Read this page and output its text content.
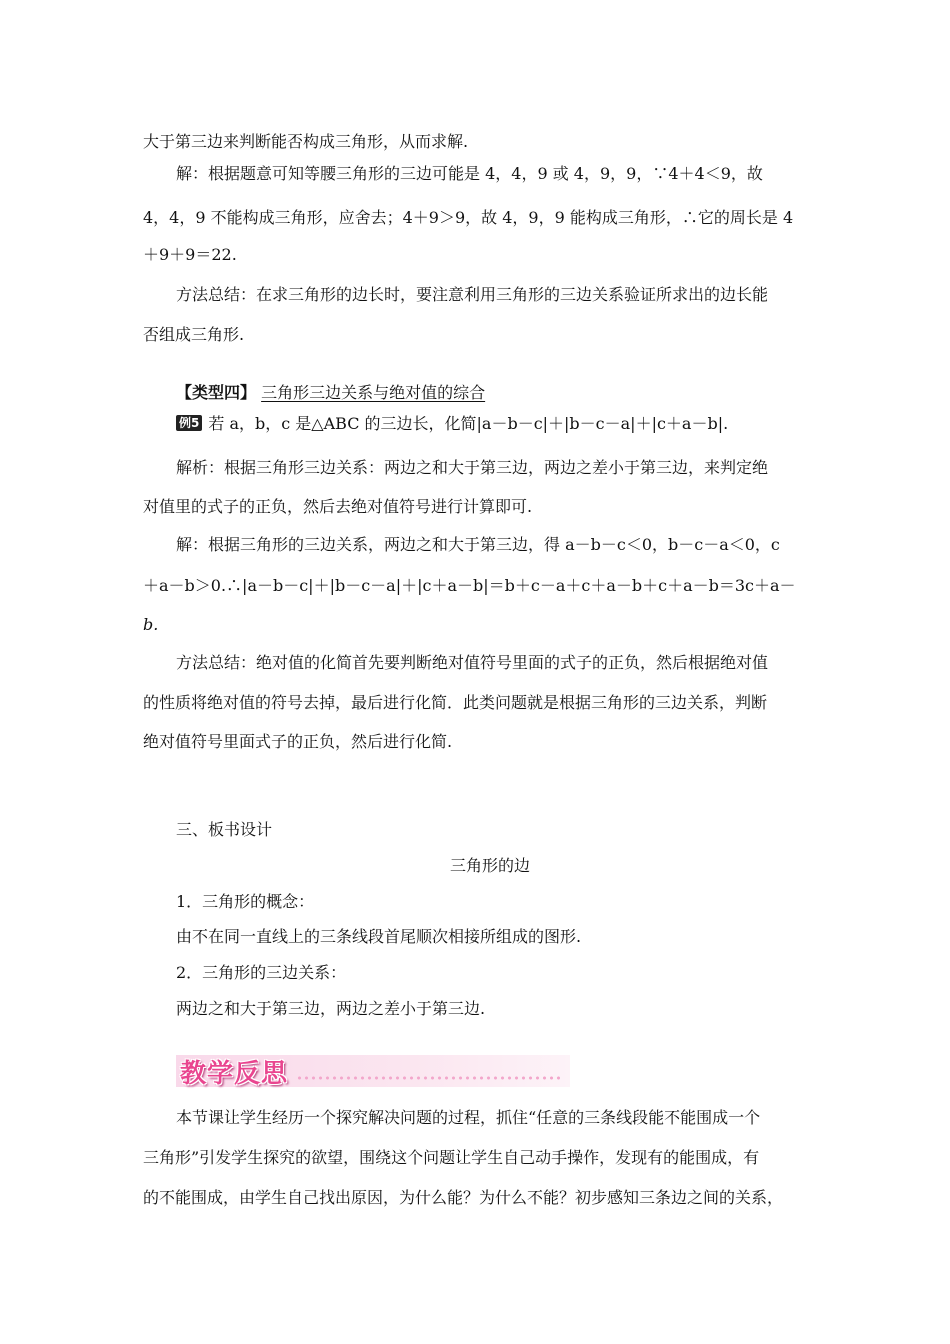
大于第三边来判断能否构成三角形，从而求解.
解：根据题意可知等腰三角形的三边可能是 4，4，9 或 4，9，9，∵4＋4＜9，故
4，4，9 不能构成三角形，应舍去；4＋9＞9，故 4，9，9 能构成三角形，∴它的周长是 4
＋9＋9＝22.
方法总结：在求三角形的边长时，要注意利用三角形的三边关系验证所求出的边长能
否组成三角形.
【类型四】 三角形三边关系与绝对值的综合
例5 若 a，b，c 是△ABC 的三边长，化简|a－b－c|＋|b－c－a|＋|c＋a－b|.
解析：根据三角形三边关系：两边之和大于第三边，两边之差小于第三边，来判定绝
对值里的式子的正负，然后去绝对值符号进行计算即可.
解：根据三角形的三边关系，两边之和大于第三边，得 a－b－c＜0，b－c－a＜0，c
＋a－b＞0.∴|a－b－c|＋|b－c－a|＋|c＋a－b|＝b＋c－a＋c＋a－b＋c＋a－b＝3c＋a－
b.
方法总结：绝对值的化简首先要判断绝对值符号里面的式子的正负，然后根据绝对值
的性质将绝对值的符号去掉，最后进行化简．此类问题就是根据三角形的三边关系，判断
绝对值符号里面式子的正负，然后进行化简.
三、板书设计
三角形的边
1．三角形的概念：
由不在同一直线上的三条线段首尾顺次相接所组成的图形.
2．三角形的三边关系：
两边之和大于第三边，两边之差小于第三边.
教学反思
本节课让学生经历一个探究解决问题的过程，抓住“任意的三条线段能不能围成一个
三角形”引发学生探究的欲望，围绕这个问题让学生自己动手操作，发现有的能围成，有
的不能围成，由学生自己找出原因，为什么能？为什么不能？初步感知三条边之间的关系，
